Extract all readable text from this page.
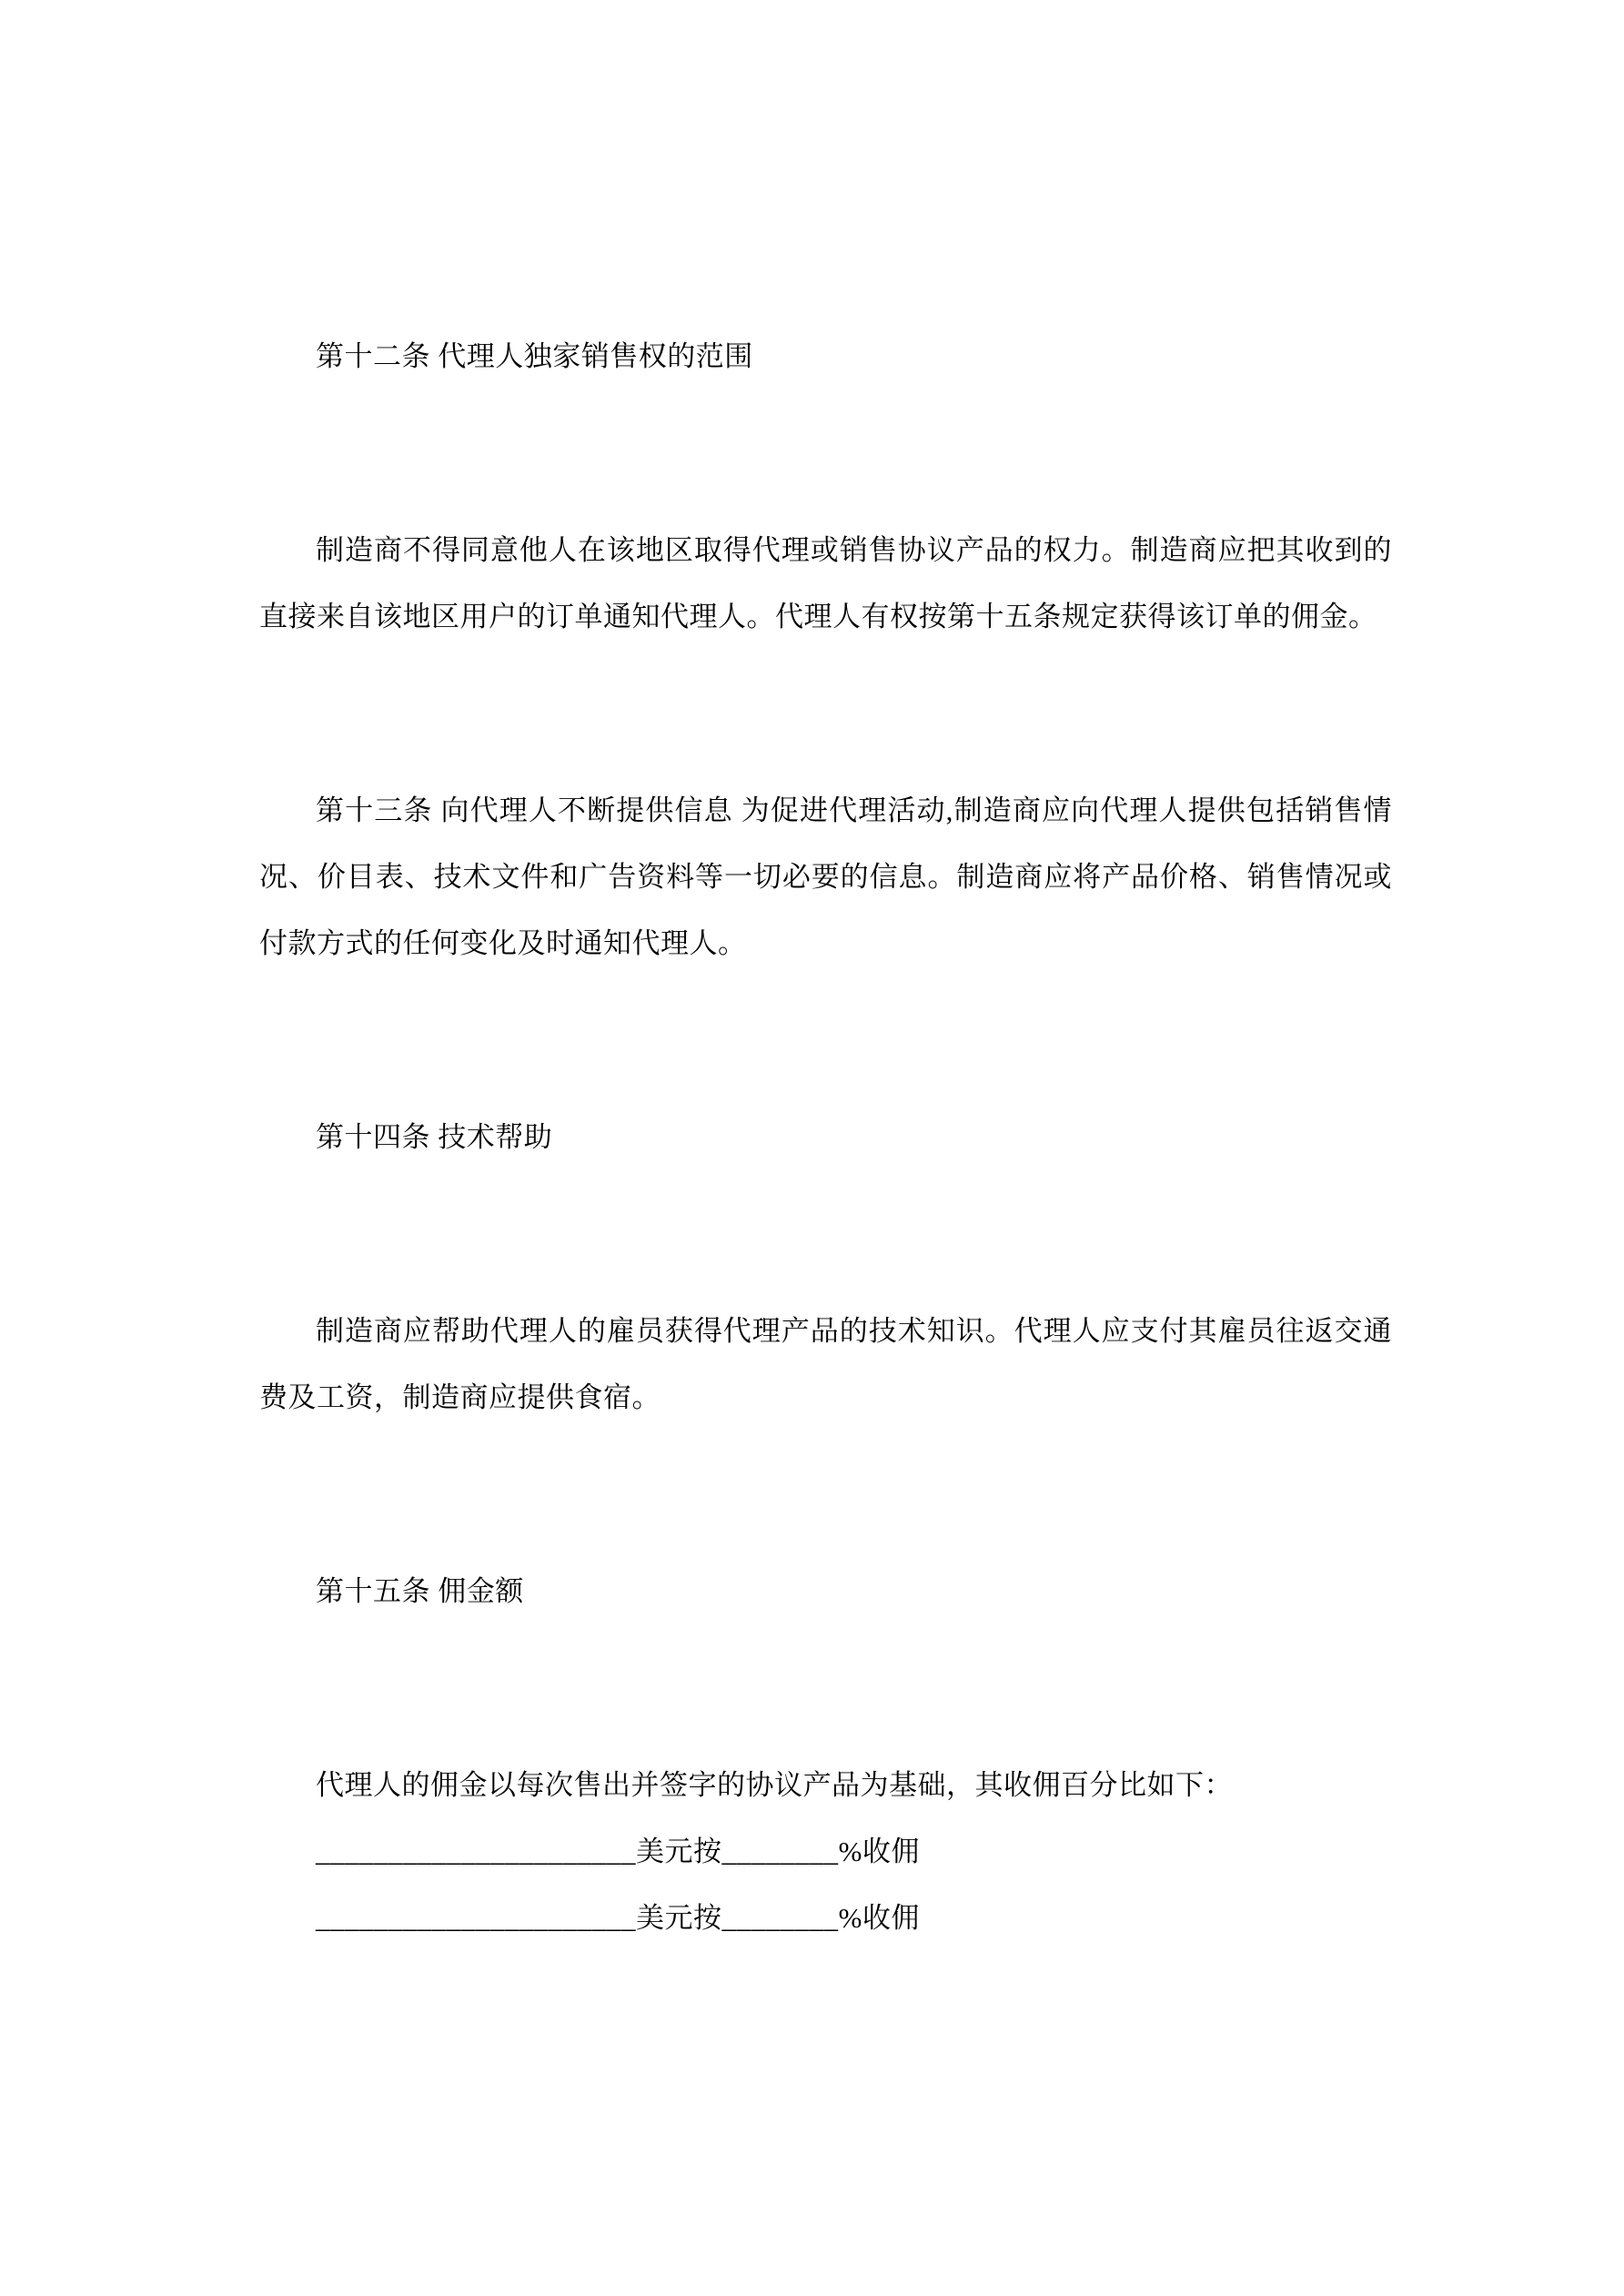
第十二条 代理人独家销售权的范围

制造商不得同意他人在该地区取得代理或销售协议产品的权力。制造商应把其收到的直接来自该地区用户的订单通知代理人。代理人有权按第十五条规定获得该订单的佣金。

第十三条 向代理人不断提供信息 为促进代理活动,制造商应向代理人提供包括销售情况、价目表、技术文件和广告资料等一切必要的信息。制造商应将产品价格、销售情况或付款方式的任何变化及时通知代理人。

第十四条 技术帮助

制造商应帮助代理人的雇员获得代理产品的技术知识。代理人应支付其雇员往返交通费及工资，制造商应提供食宿。

第十五条 佣金额

代理人的佣金以每次售出并签字的协议产品为基础，其收佣百分比如下：

______________________美元按________%收佣

______________________美元按________%收佣
